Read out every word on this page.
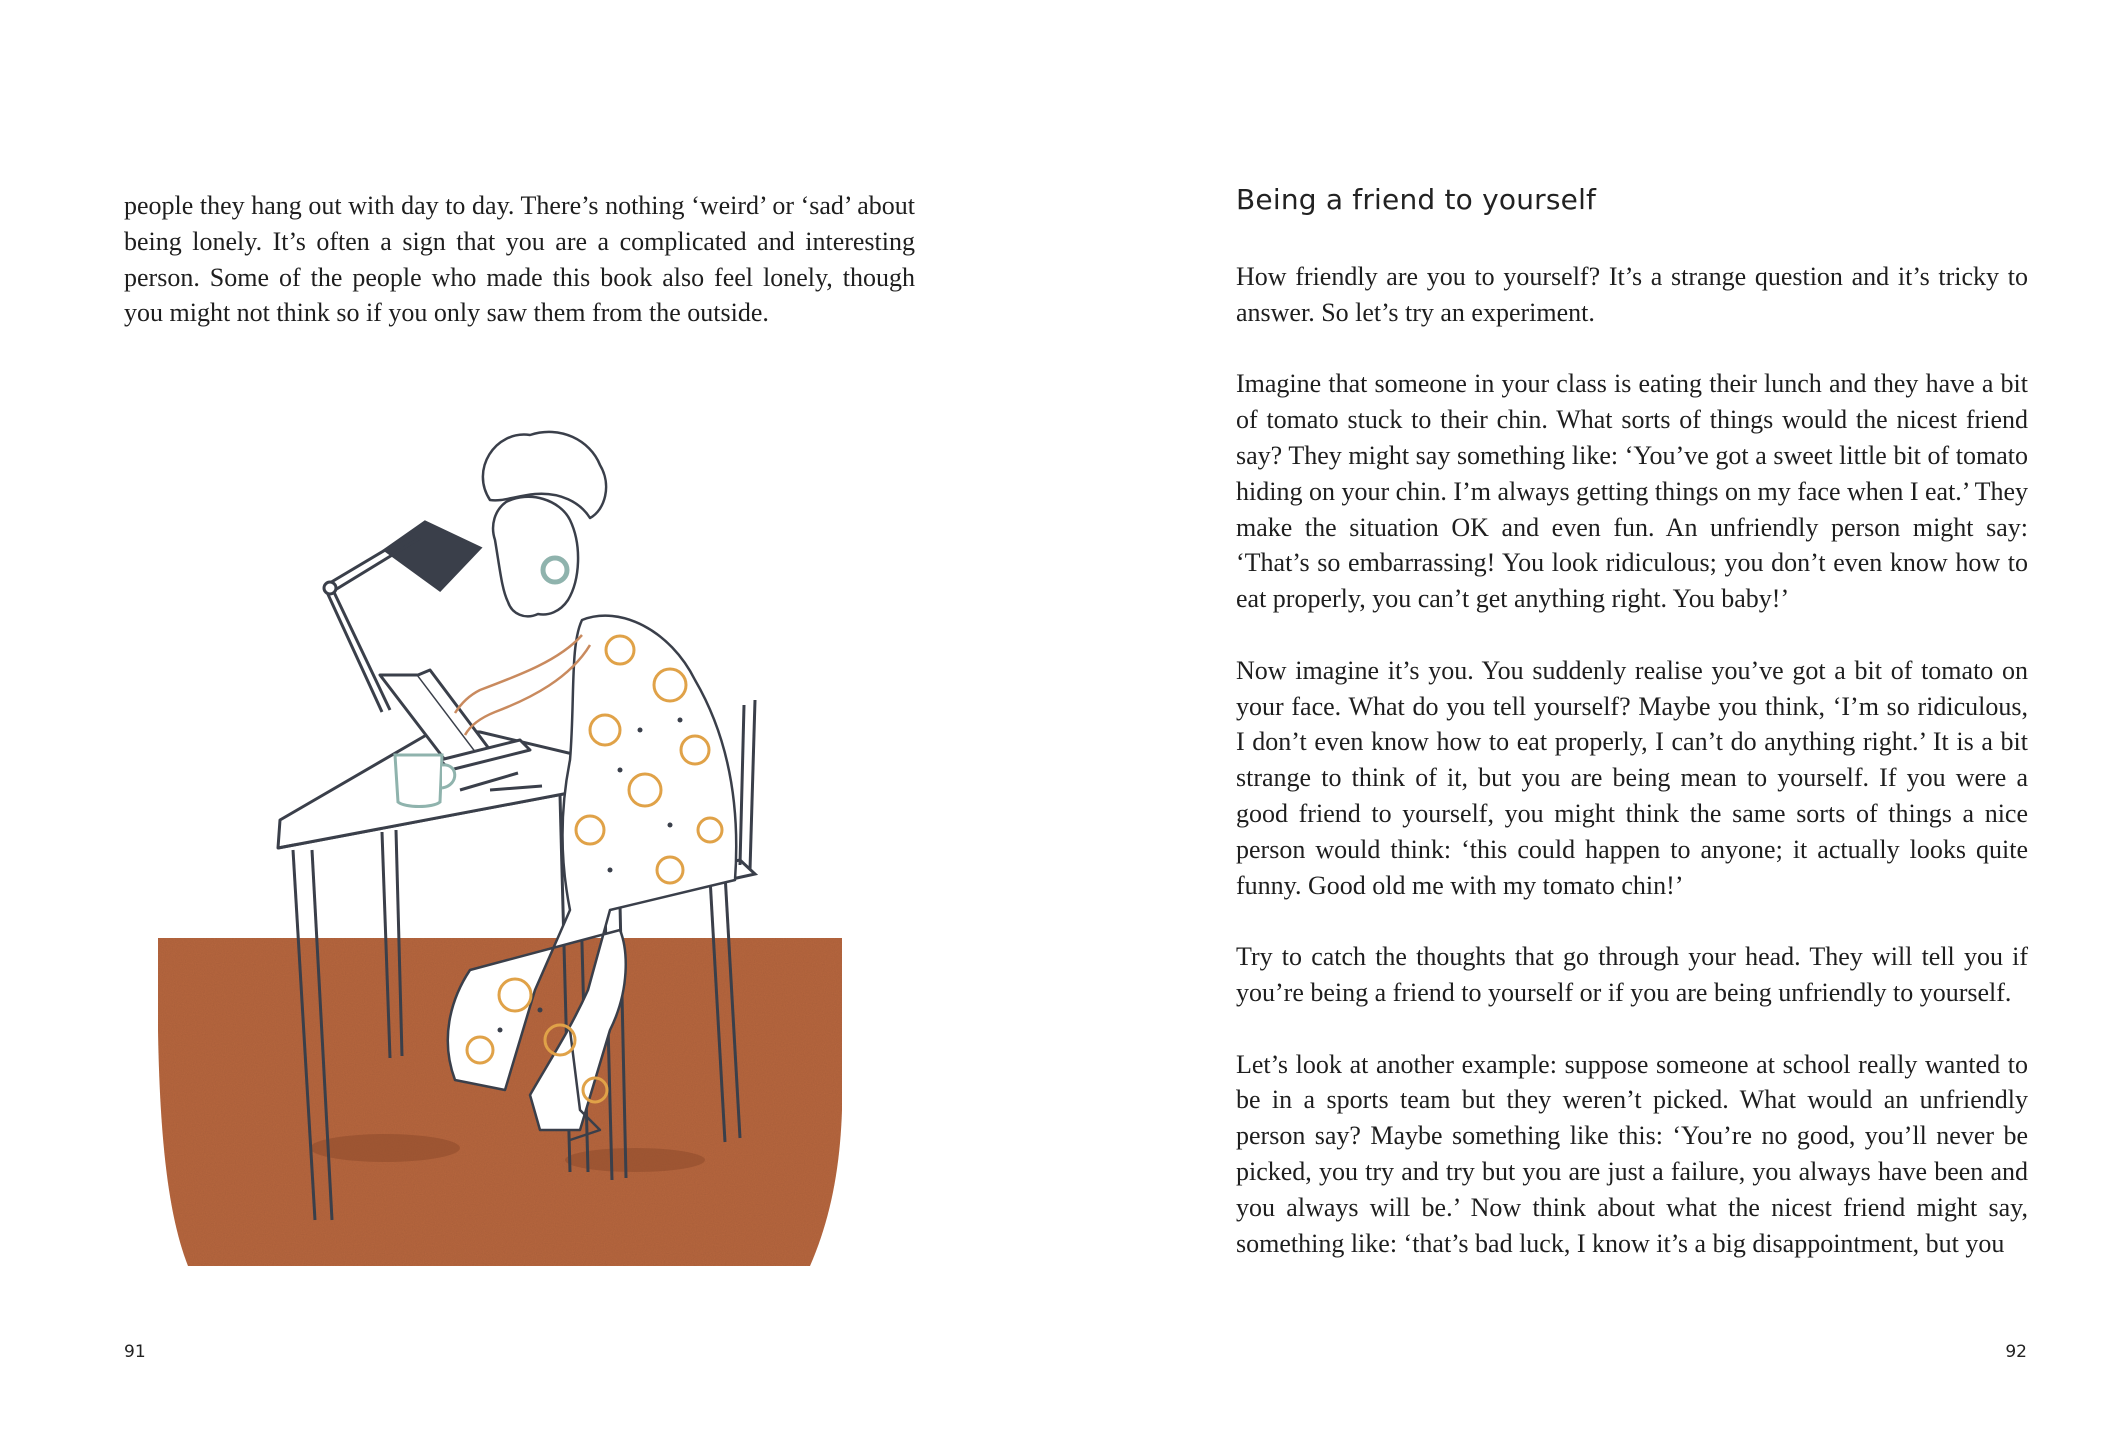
people they hang out with day to day. There’s nothing ‘weird’ or ‘sad’ about being lonely. It’s often a sign that you are a complicated and interesting person. Some of the people who made this book also feel lonely, though you might not think so if you only saw them from the outside.

91
Being a friend to yourself

How friendly are you to yourself? It’s a strange question and it’s tricky to answer. So let’s try an experiment.

Imagine that someone in your class is eating their lunch and they have a bit of tomato stuck to their chin. What sorts of things would the nicest friend say? They might say something like: ‘You’ve got a sweet little bit of tomato hiding on your chin. I’m always getting things on my face when I eat.’ They make the situation OK and even fun. An unfriendly person might say: ‘That’s so embarrassing! You look ridiculous; you don’t even know how to eat properly, you can’t get anything right. You baby!’

Now imagine it’s you. You suddenly realise you’ve got a bit of tomato on your face. What do you tell yourself? Maybe you think, ‘I’m so ridiculous, I don’t even know how to eat properly, I can’t do anything right.’ It is a bit strange to think of it, but you are being mean to yourself. If you were a good friend to yourself, you might think the same sorts of things a nice person would think: ‘this could happen to anyone; it actually looks quite funny. Good old me with my tomato chin!’

Try to catch the thoughts that go through your head. They will tell you if you’re being a friend to yourself or if you are being unfriendly to yourself.

Let’s look at another example: suppose someone at school really wanted to be in a sports team but they weren’t picked. What would an unfriendly person say? Maybe something like this: ‘You’re no good, you’ll never be picked, you try and try but you are just a failure, you always have been and you always will be.’ Now think about what the nicest friend might say, something like: ‘that’s bad luck, I know it’s a big disappointment, but you

92
